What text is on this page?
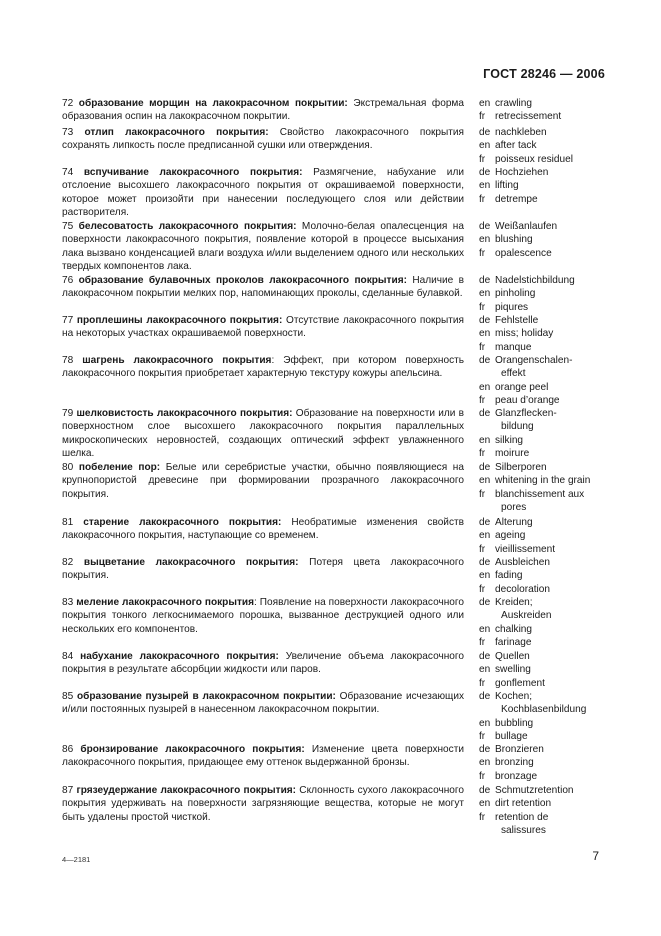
ГОСТ 28246 — 2006
72 образование морщин на лакокрасочном покрытии: Экстремальная форма образования оспин на лакокрасочном покрытии.
en crawling
fr retrecissement
73 отлип лакокрасочного покрытия: Свойство лакокрасочного покрытия сохранять липкость после предписанной сушки или отверждения.
de nachkleben
en after tack
fr poisseux residuel
74 вспучивание лакокрасочного покрытия: Размягчение, набухание или отслоение высохшего лакокрасочного покрытия от окрашиваемой поверхности, которое может произойти при нанесении последующего слоя или действии растворителя.
de Hochziehen
en lifting
fr detrempe
75 белесоватость лакокрасочного покрытия: Молочно-белая опалесценция на поверхности лакокрасочного покрытия, появление которой в процессе высыхания лака вызвано конденсацией влаги воздуха и/или выделением одного или нескольких твердых компонентов лака.
de Weißanlaufen
en blushing
fr opalescence
76 образование булавочных проколов лакокрасочного покрытия: Наличие в лакокрасочном покрытии мелких пор, напоминающих проколы, сделанные булавкой.
de Nadelstichbildung
en pinholing
fr piqures
77 проплешины лакокрасочного покрытия: Отсутствие лакокрасочного покрытия на некоторых участках окрашиваемой поверхности.
de Fehlstelle
en miss; holiday
fr manque
78 шагрень лакокрасочного покрытия: Эффект, при котором поверхность лакокрасочного покрытия приобретает характерную текстуру кожуры апельсина.
de Orangenschalen-
effekt
en orange peel
fr peau d’orange
79 шелковистость лакокрасочного покрытия: Образование на поверхности или в поверхностном слое высохшего лакокрасочного покрытия параллельных микроскопических неровностей, создающих оптический эффект увлажненного шелка.
de Glanzflecken-
bildung
en silking
fr moirure
80 побеление пор: Белые или серебристые участки, обычно появляющиеся на крупнопористой древесине при формировании прозрачного лакокрасочного покрытия.
de Silberporen
en whitening in the grain
fr blanchissement aux
pores
81 старение лакокрасочного покрытия: Необратимые изменения свойств лакокрасочного покрытия, наступающие со временем.
de Alterung
en ageing
fr vieillissement
82 выцветание лакокрасочного покрытия: Потеря цвета лакокрасочного покрытия.
de Ausbleichen
en fading
fr decoloration
83 меление лакокрасочного покрытия: Появление на поверхности лакокрасочного покрытия тонкого легкоснимаемого порошка, вызванное деструкцией одного или нескольких его компонентов.
de Kreiden;
Auskreiden
en chalking
fr farinage
84 набухание лакокрасочного покрытия: Увеличение объема лакокрасочного покрытия в результате абсорбции жидкости или паров.
de Quellen
en swelling
fr gonflement
85 образование пузырей в лакокрасочном покрытии: Образование исчезающих и/или постоянных пузырей в нанесенном лакокрасочном покрытии.
de Kochen;
Kochblasenbildung
en bubbling
fr bullage
86 бронзирование лакокрасочного покрытия: Изменение цвета поверхности лакокрасочного покрытия, придающее ему оттенок выдержанной бронзы.
de Bronzieren
en bronzing
fr bronzage
87 грязеудержание лакокрасочного покрытия: Склонность сухого лакокрасочного покрытия удерживать на поверхности загрязняющие вещества, которые не могут быть удалены простой чисткой.
de Schmutzretention
en dirt retention
fr retention de
salissures
4—2181	7
